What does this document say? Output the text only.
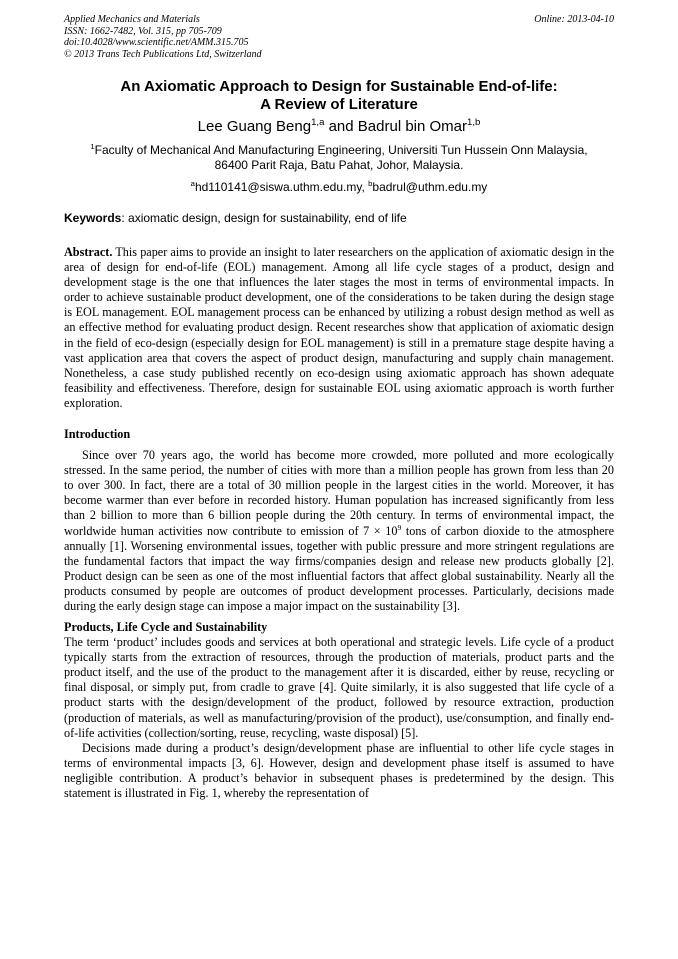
Applied Mechanics and Materials
ISSN: 1662-7482, Vol. 315, pp 705-709
doi:10.4028/www.scientific.net/AMM.315.705
© 2013 Trans Tech Publications Ltd, Switzerland
Online: 2013-04-10
An Axiomatic Approach to Design for Sustainable End-of-life:
A Review of Literature
Lee Guang Beng$^{1,a}$ and Badrul bin Omar$^{1,b}$
$^1$Faculty of Mechanical And Manufacturing Engineering, Universiti Tun Hussein Onn Malaysia,
86400 Parit Raja, Batu Pahat, Johor, Malaysia.
$^a$hd110141@siswa.uthm.edu.my, $^b$badrul@uthm.edu.my
Keywords: axiomatic design, design for sustainability, end of life

Abstract. This paper aims to provide an insight to later researchers on the application of axiomatic design in the area of design for end-of-life (EOL) management. Among all life cycle stages of a product, design and development stage is the one that influences the later stages the most in terms of environmental impacts. In order to achieve sustainable product development, one of the considerations to be taken during the design stage is EOL management. EOL management process can be enhanced by utilizing a robust design method as well as an effective method for evaluating product design. Recent researches show that application of axiomatic design in the field of eco-design (especially design for EOL management) is still in a premature stage despite having a vast application area that covers the aspect of product design, manufacturing and supply chain management. Nonetheless, a case study published recently on eco-design using axiomatic approach has shown adequate feasibility and effectiveness. Therefore, design for sustainable EOL using axiomatic approach is worth further exploration.

Introduction

Since over 70 years ago, the world has become more crowded, more polluted and more ecologically stressed. In the same period, the number of cities with more than a million people has grown from less than 20 to over 300. In fact, there are a total of 30 million people in the largest cities in the world. Moreover, it has become warmer than ever before in recorded history. Human population has increased significantly from less than 2 billion to more than 6 billion people during the 20th century. In terms of environmental impact, the worldwide human activities now contribute to emission of $7 \times 10^9$ tons of carbon dioxide to the atmosphere annually [1]. Worsening environmental issues, together with public pressure and more stringent regulations are the fundamental factors that impact the way firms/companies design and release new products globally [2]. Product design can be seen as one of the most influential factors that affect global sustainability. Nearly all the products consumed by people are outcomes of product development processes. Particularly, decisions made during the early design stage can impose a major impact on the sustainability [3].

Products, Life Cycle and Sustainability

The term ‘product’ includes goods and services at both operational and strategic levels. Life cycle of a product typically starts from the extraction of resources, through the production of materials, product parts and the product itself, and the use of the product to the management after it is discarded, either by reuse, recycling or final disposal, or simply put, from cradle to grave [4]. Quite similarly, it is also suggested that life cycle of a product starts with the design/development of the product, followed by resource extraction, production (production of materials, as well as manufacturing/provision of the product), use/consumption, and finally end-of-life activities (collection/sorting, reuse, recycling, waste disposal) [5].

Decisions made during a product’s design/development phase are influential to other life cycle stages in terms of environmental impacts [3, 6]. However, design and development phase itself is assumed to have negligible contribution. A product’s behavior in subsequent phases is predetermined by the design. This statement is illustrated in Fig. 1, whereby the representation of
